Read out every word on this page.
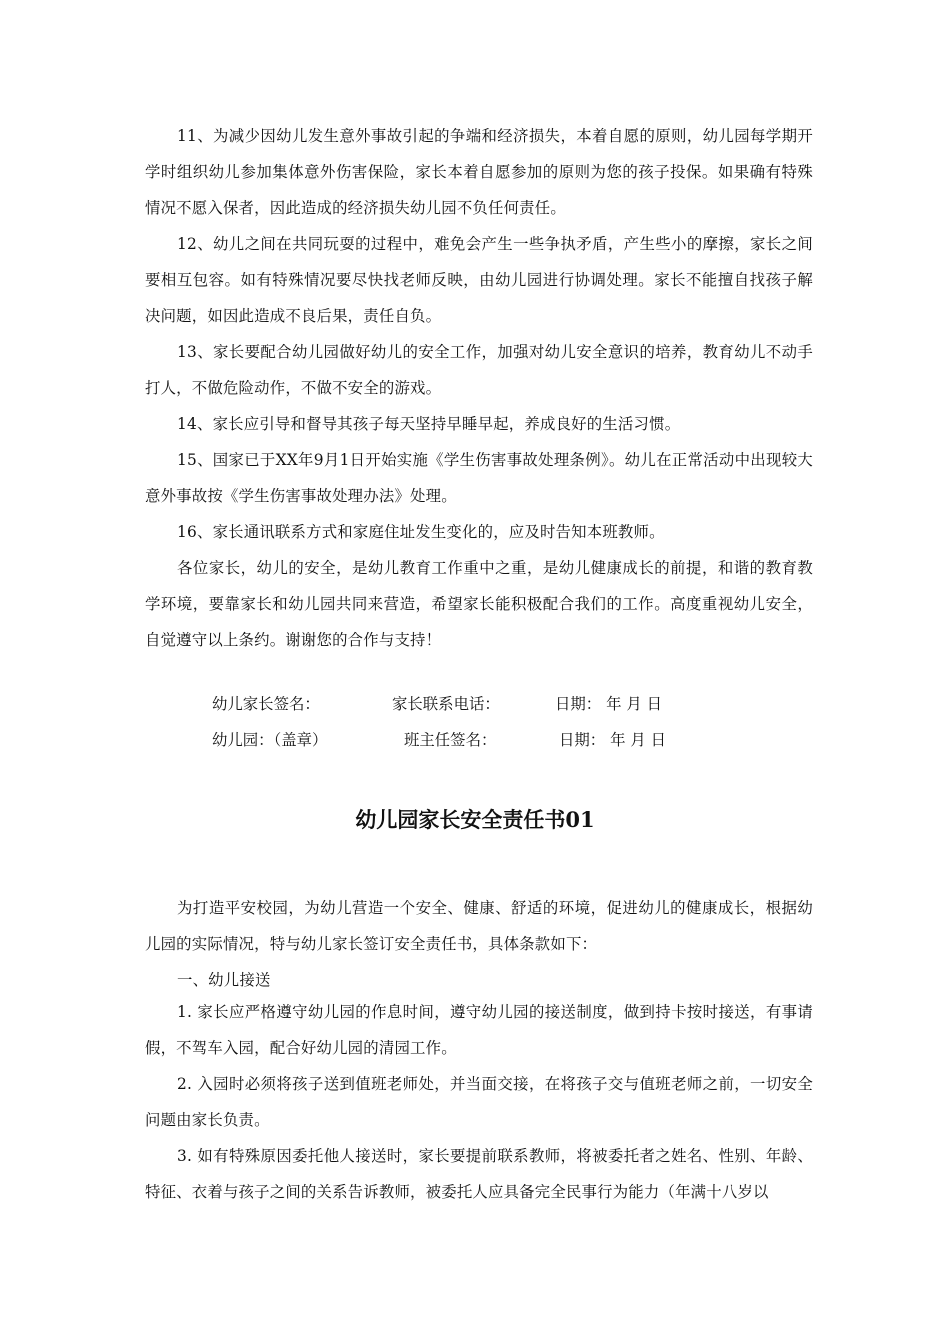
11、为减少因幼儿发生意外事故引起的争端和经济损失，本着自愿的原则，幼儿园每学期开学时组织幼儿参加集体意外伤害保险，家长本着自愿参加的原则为您的孩子投保。如果确有特殊情况不愿入保者，因此造成的经济损失幼儿园不负任何责任。

12、幼儿之间在共同玩耍的过程中，难免会产生一些争执矛盾，产生些小的摩擦，家长之间要相互包容。如有特殊情况要尽快找老师反映，由幼儿园进行协调处理。家长不能擅自找孩子解决问题，如因此造成不良后果，责任自负。

13、家长要配合幼儿园做好幼儿的安全工作，加强对幼儿安全意识的培养，教育幼儿不动手打人，不做危险动作，不做不安全的游戏。

14、家长应引导和督导其孩子每天坚持早睡早起，养成良好的生活习惯。

15、国家已于XX年9月1日开始实施《学生伤害事故处理条例》。幼儿在正常活动中出现较大意外事故按《学生伤害事故处理办法》处理。

16、家长通讯联系方式和家庭住址发生变化的，应及时告知本班教师。

各位家长，幼儿的安全，是幼儿教育工作重中之重，是幼儿健康成长的前提，和谐的教育教学环境，要靠家长和幼儿园共同来营造，希望家长能积极配合我们的工作。高度重视幼儿安全，自觉遵守以上条约。谢谢您的合作与支持！

幼儿家长签名：	家长联系电话：	日期： 年 月 日
幼儿园：（盖章）	班主任签名：	日期： 年 月 日
幼儿园家长安全责任书01

为打造平安校园，为幼儿营造一个安全、健康、舒适的环境，促进幼儿的健康成长，根据幼儿园的实际情况，特与幼儿家长签订安全责任书，具体条款如下：

一、幼儿接送

1. 家长应严格遵守幼儿园的作息时间，遵守幼儿园的接送制度，做到持卡按时接送，有事请假，不驾车入园，配合好幼儿园的清园工作。

2. 入园时必须将孩子送到值班老师处，并当面交接，在将孩子交与值班老师之前，一切安全问题由家长负责。

3. 如有特殊原因委托他人接送时，家长要提前联系教师，将被委托者之姓名、性别、年龄、特征、衣着与孩子之间的关系告诉教师，被委托人应具备完全民事行为能力（年满十八岁以
